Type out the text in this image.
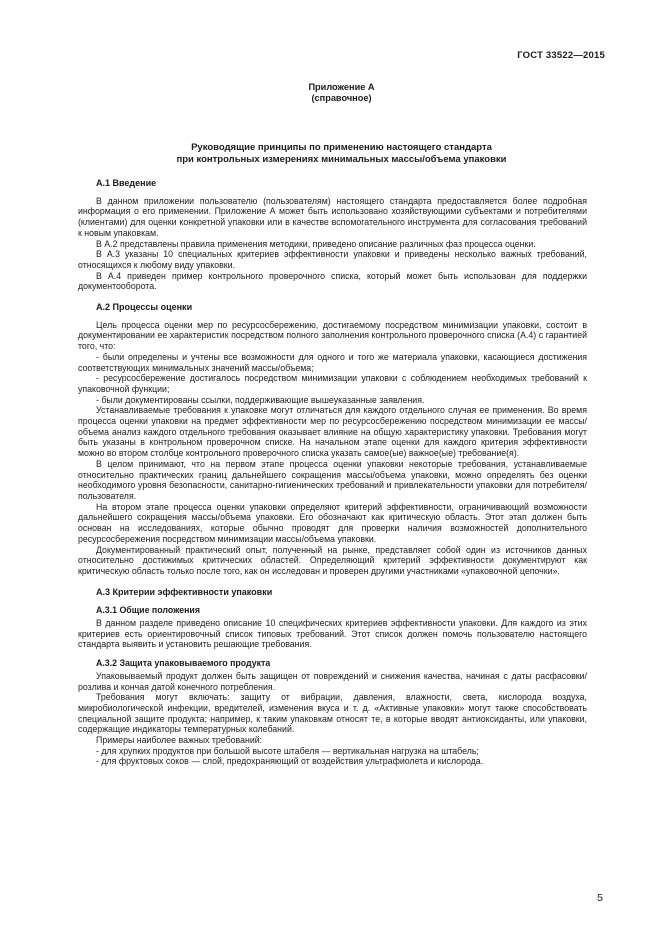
ГОСТ 33522—2015
Приложение А
(справочное)
Руководящие принципы по применению настоящего стандарта
при контрольных измерениях минимальных массы/объема упаковки
А.1 Введение
В данном приложении пользователю (пользователям) настоящего стандарта предоставляется более подробная информация о его применении. Приложение А может быть использовано хозяйствующими субъектами и потребителями (клиентами) для оценки конкретной упаковки или в качестве вспомогательного инструмента для согласования требований к новым упаковкам.
В А.2 представлены правила применения методики, приведено описание различных фаз процесса оценки.
В А.3 указаны 10 специальных критериев эффективности упаковки и приведены несколько важных требований, относящихся к любому виду упаковки.
В А.4 приведен пример контрольного проверочного списка, который может быть использован для поддержки документооборота.
А.2 Процессы оценки
Цель процесса оценки мер по ресурсосбережению, достигаемому посредством минимизации упаковки, состоит в документировании ее характеристик посредством полного заполнения контрольного проверочного списка (А.4) с гарантией того, что:
- были определены и учтены все возможности для одного и того же материала упаковки, касающиеся достижения соответствующих минимальных значений массы/объема;
- ресурсосбережение достигалось посредством минимизации упаковки с соблюдением необходимых требований к упаковочной функции;
- были документированы ссылки, поддерживающие вышеуказанные заявления.
Устанавливаемые требования к упаковке могут отличаться для каждого отдельного случая ее применения. Во время процесса оценки упаковки на предмет эффективности мер по ресурсосбережению посредством минимизации ее массы/объема анализ каждого отдельного требования оказывает влияние на общую характеристику упаковки. Требования могут быть указаны в контрольном проверочном списке. На начальном этапе оценки для каждого критерия эффективности можно во втором столбце контрольного проверочного списка указать самое(ые) важное(ые) требование(я).
В целом принимают, что на первом этапе процесса оценки упаковки некоторые требования, устанавливаемые относительно практических границ дальнейшего сокращения массы/объема упаковки, можно определять без оценки необходимого уровня безопасности, санитарно-гигиенических требований и привлекательности упаковки для потребителя/пользователя.
На втором этапе процесса оценки упаковки определяют критерий эффективности, ограничивающий возможности дальнейшего сокращения массы/объема упаковки. Его обозначают как критическую область. Этот этап должен быть основан на исследованиях, которые обычно проводят для проверки наличия возможностей дополнительного ресурсосбережения посредством минимизации массы/объема упаковки.
Документированный практический опыт, полученный на рынке, представляет собой один из источников данных относительно достижимых критических областей. Определяющий критерий эффективности документируют как критическую область только после того, как он исследован и проверен другими участниками «упаковочной цепочки».
А.3 Критерии эффективности упаковки
А.3.1 Общие положения
В данном разделе приведено описание 10 специфических критериев эффективности упаковки. Для каждого из этих критериев есть ориентировочный список типовых требований. Этот список должен помочь пользователю настоящего стандарта выявить и установить решающие требования.
А.3.2 Защита упаковываемого продукта
Упаковываемый продукт должен быть защищен от повреждений и снижения качества, начиная с даты расфасовки/розлива и кончая датой конечного потребления.
Требования могут включать: защиту от вибрации, давления, влажности, света, кислорода воздуха, микробиологической инфекции, вредителей, изменения вкуса и т. д. «Активные упаковки» могут также способствовать специальной защите продукта; например, к таким упаковкам относят те, в которые вводят антиоксиданты, или упаковки, содержащие индикаторы температурных колебаний.
Примеры наиболее важных требований:
- для хрупких продуктов при большой высоте штабеля — вертикальная нагрузка на штабель;
- для фруктовых соков — слой, предохраняющий от воздействия ультрафиолета и кислорода.
5
